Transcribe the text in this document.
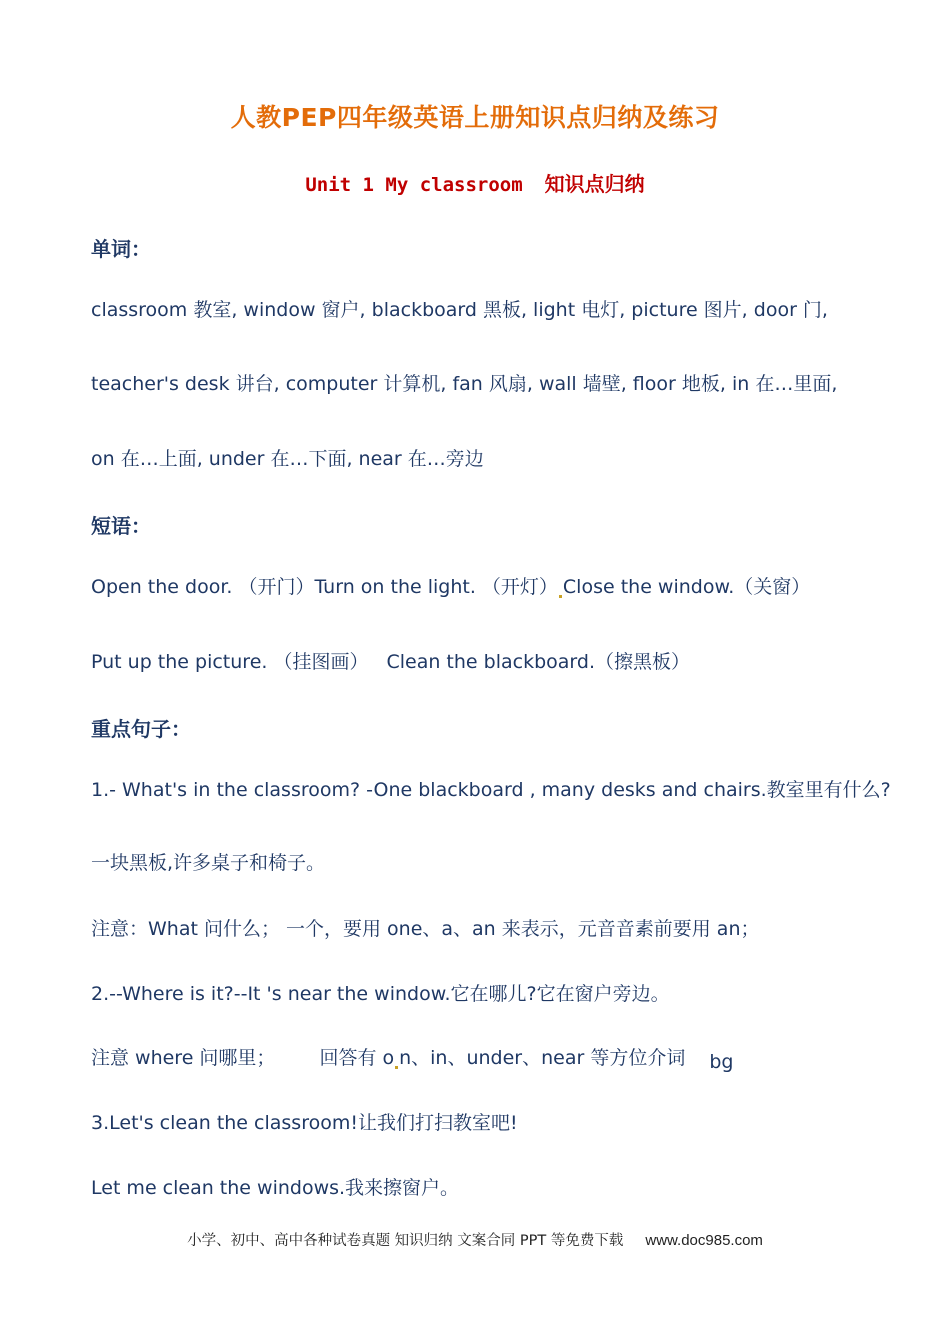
人教PEP四年级英语上册知识点归纳及练习
Unit 1 My classroom 知识点归纳
单词：
classroom 教室, window 窗户, blackboard 黑板, light 电灯, picture 图片, door 门,
teacher's desk 讲台, computer 计算机, fan 风扇, wall 墙壁, floor 地板, in 在…里面,
on 在…上面, under 在…下面, near 在…旁边
短语：
Open the door. （开门）Turn on the light. （开灯） Close the window.（关窗）
Put up the picture. （挂图画） Clean the blackboard.（擦黑板）
重点句子：
1.- What's in the classroom? -One blackboard , many desks and chairs.教室里有什么?
一块黑板,许多桌子和椅子。
注意：What 问什么； 一个，要用 one、a、an 来表示，元音音素前要用 an；
2.--Where is it?--It 's near the window.它在哪儿?它在窗户旁边。
注意 where 问哪里； 回答有 o n、in、under、near 等方位介词 bg
3.Let's clean the classroom!让我们打扫教室吧!
Let me clean the windows.我来擦窗户。
小学、初中、高中各种试卷真题 知识归纳 文案合同 PPT 等免费下载 www.doc985.com
